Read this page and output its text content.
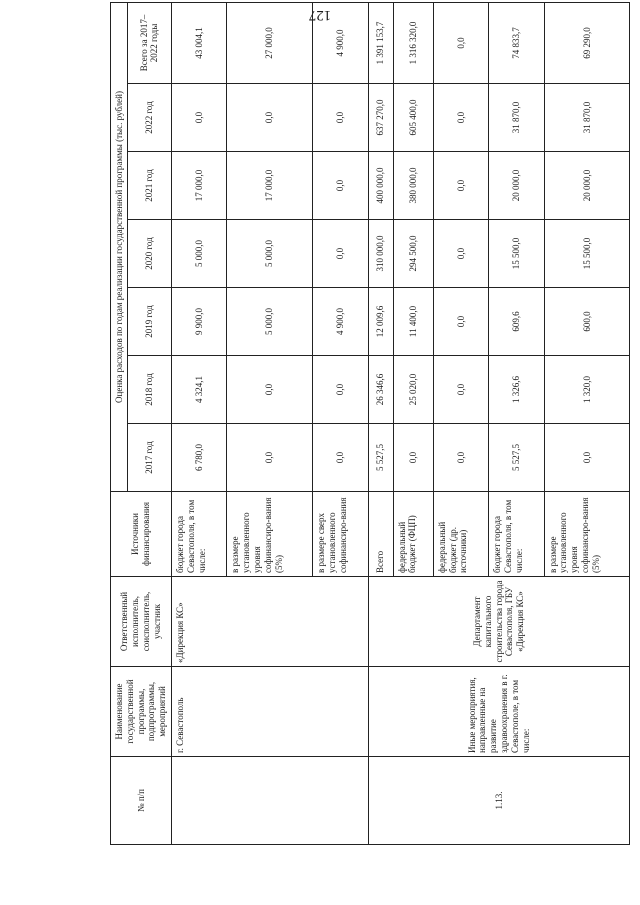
127
№ п/п	Наименование государственной программы, подпрограммы, мероприятий	Ответственный исполнитель, соисполнитель, участник	Источники финансирования	Оценка расходов по годам реализации государственной программы (тыс. рублей)						
				2017 год	2018 год	2019 год	2020 год	2021 год	2022 год	Всего за 2017–2022 годы
	г. Севастополь	«Дирекция КС»	бюджет города Севастополя, в том числе:	6 780,0	4 324,1	9 900,0	5 000,0	17 000,0	0,0	43 004,1
			в размере установленного уровня софинансиро-вания (5%)	0,0	0,0	5 000,0	5 000,0	17 000,0	0,0	27 000,0
			в размере сверх установленного софинансиро-вания	0,0	0,0	4 900,0	0,0	0,0	0,0	4 900,0
1.13.	Иные мероприятия, направленные на развитие здравоохранения в г. Севастополе, в том числе:	Департамент капитального строительства города Севастополя, ГБУ «Дирекция КС»	Всего	5 527,5	26 346,6	12 009,6	310 000,0	400 000,0	637 270,0	1 391 153,7
			федеральный бюджет (ФЦП)	0,0	25 020,0	11 400,0	294 500,0	380 000,0	605 400,0	1 316 320,0
			федеральный бюджет (др. источники)	0,0	0,0	0,0	0,0	0,0	0,0	0,0
			бюджет города Севастополя, в том числе:	5 527,5	1 326,6	609,6	15 500,0	20 000,0	31 870,0	74 833,7
			в размере установленного уровня софинансиро-вания (5%)	0,0	1 320,0	600,0	15 500,0	20 000,0	31 870,0	69 290,0
